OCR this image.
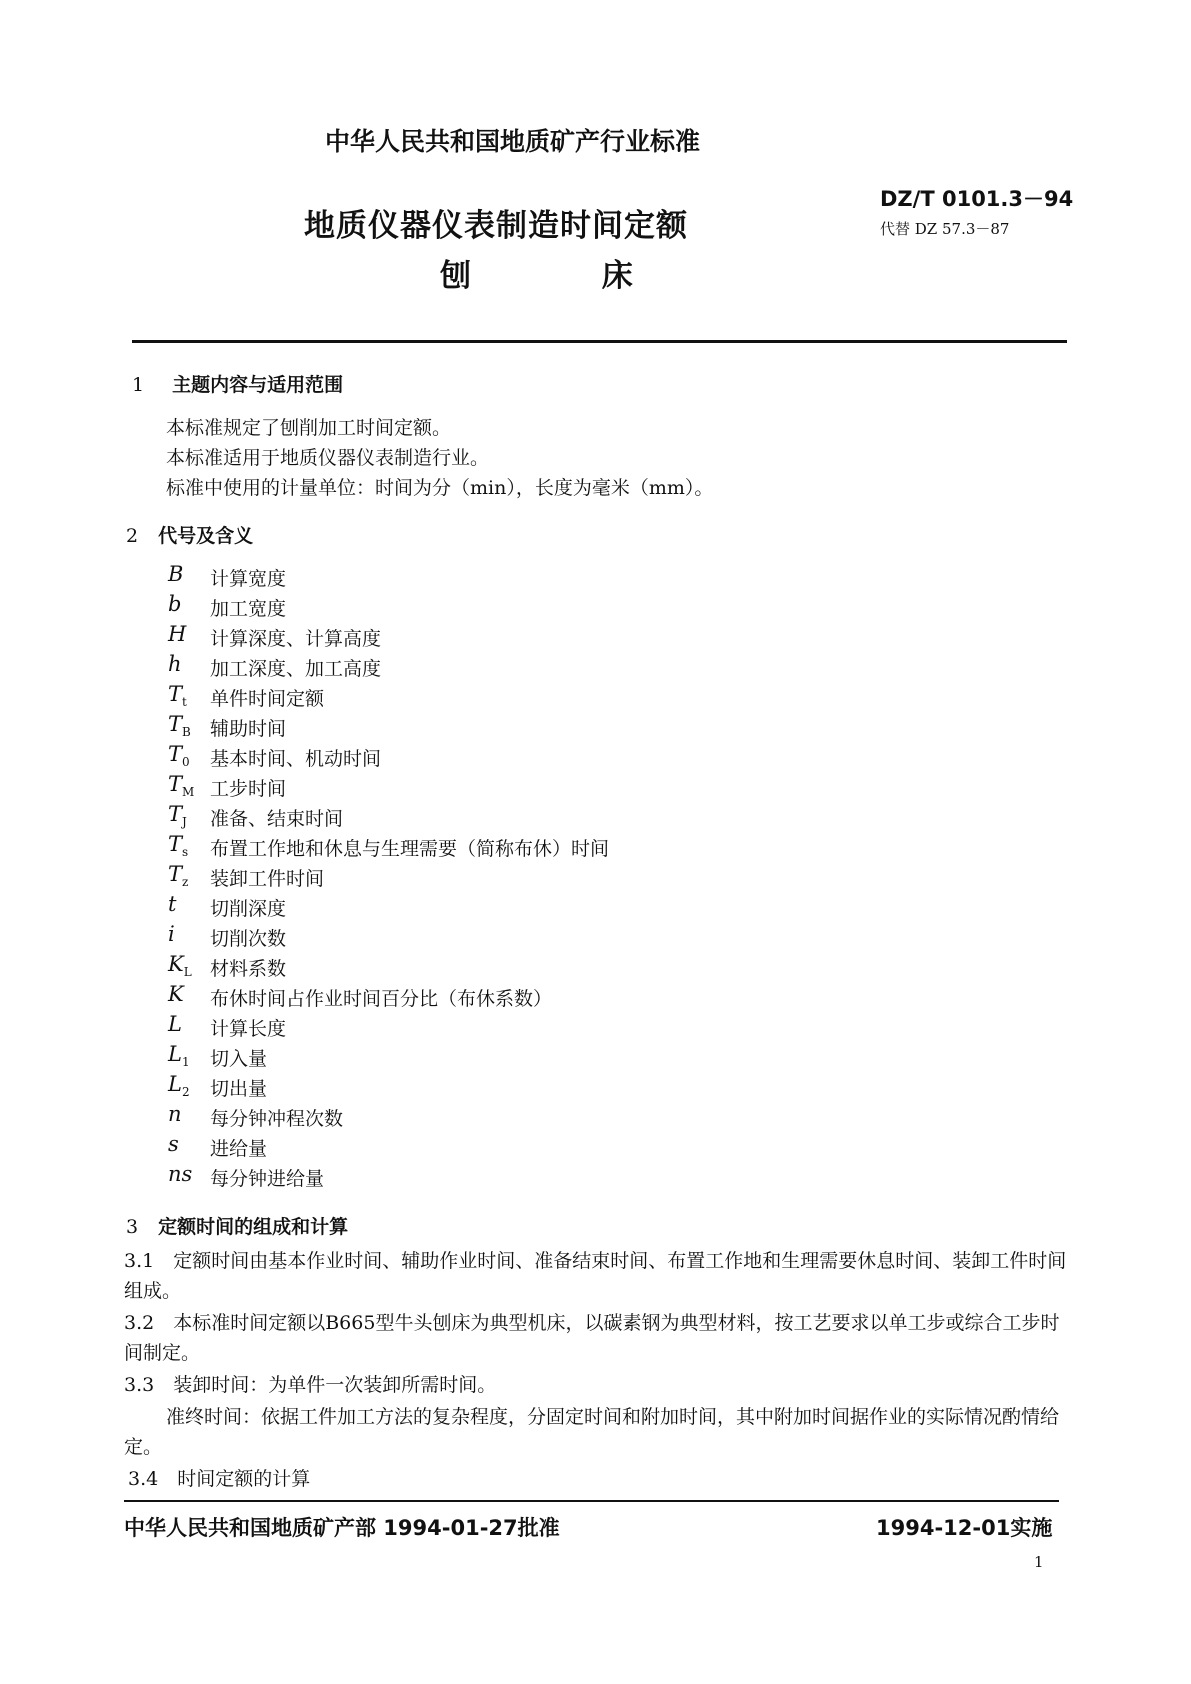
中华人民共和国地质矿产行业标准
地质仪器仪表制造时间定额
刨 床
DZ/T 0101.3－94
代替 DZ 57.3－87
1 主题内容与适用范围
本标准规定了刨削加工时间定额。
本标准适用于地质仪器仪表制造行业。
标准中使用的计量单位：时间为分（min），长度为毫米（mm）。
2 代号及含义
B 计算宽度
b 加工宽度
H 计算深度、计算高度
h 加工深度、加工高度
$T_t$ 单件时间定额
$T_B$ 辅助时间
$T_0$ 基本时间、机动时间
$T_M$ 工步时间
$T_J$ 准备、结束时间
$T_s$ 布置工作地和休息与生理需要（简称布休）时间
$T_z$ 装卸工件时间
t 切削深度
i 切削次数
$K_L$ 材料系数
K 布休时间占作业时间百分比（布休系数）
L 计算长度
$L_1$ 切入量
$L_2$ 切出量
n 每分钟冲程次数
s 进给量
ns 每分钟进给量
3 定额时间的组成和计算
3.1　定额时间由基本作业时间、辅助作业时间、准备结束时间、布置工作地和生理需要休息时间、装卸工件时间组成。
3.2　本标准时间定额以B665型牛头刨床为典型机床，以碳素钢为典型材料，按工艺要求以单工步或综合工步时间制定。
3.3　装卸时间：为单件一次装卸所需时间。
准终时间：依据工件加工方法的复杂程度，分固定时间和附加时间，其中附加时间据作业的实际情况酌情给定。
3.4　时间定额的计算
中华人民共和国地质矿产部 1994-01-27批准	1994-12-01实施
1
